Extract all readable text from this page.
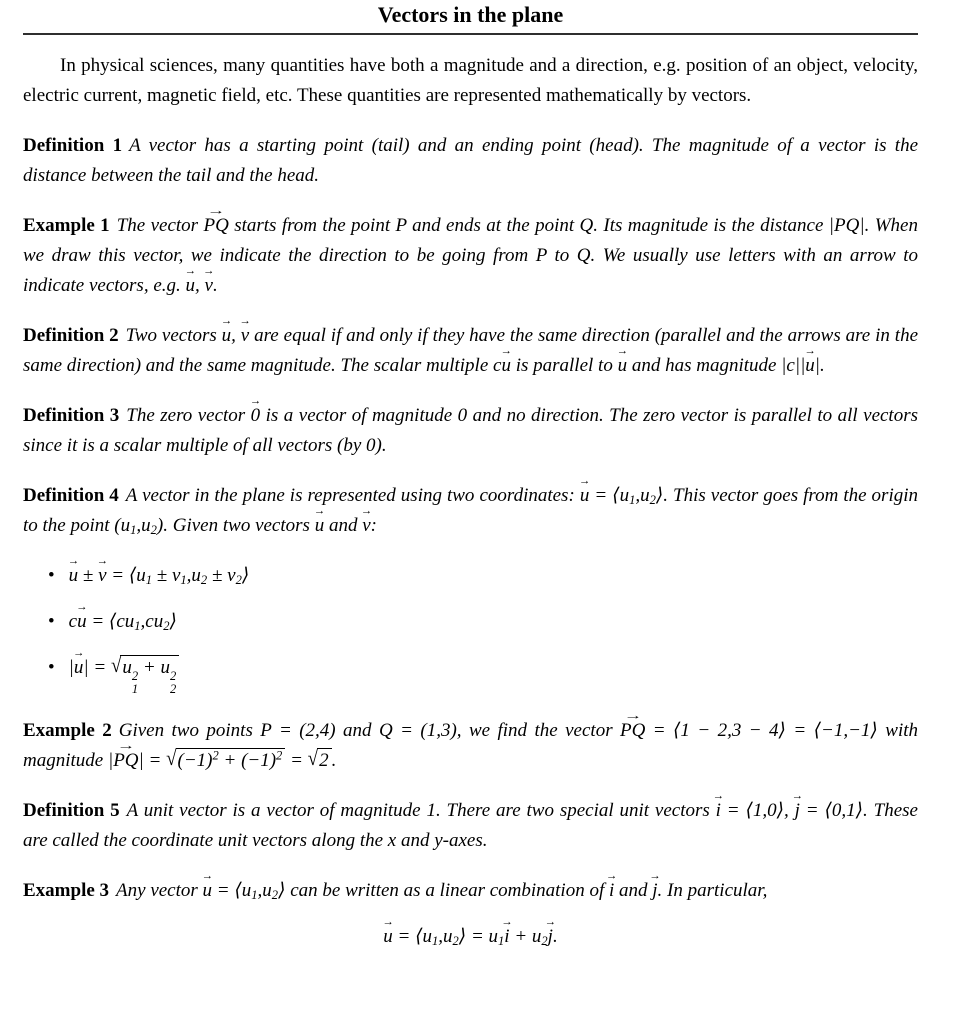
Vectors in the plane

In physical sciences, many quantities have both a magnitude and a direction, e.g. position of an object, velocity, electric current, magnetic field, etc. These quantities are represented mathematically by vectors.

Definition 1 A vector has a starting point (tail) and an ending point (head). The magnitude of a vector is the distance between the tail and the head.

Example 1 The vector
→
PQ starts from the point P and ends at the point Q. Its magnitude is the distance |PQ|. When we draw this vector, we indicate the direction to be going from P to Q. We usually use letters with an arrow to indicate vectors, e.g.
→
u,
→
v.

Definition 2 Two vectors
→
u,
→
v are equal if and only if they have the same direction (parallel and the arrows are in the same direction) and the same magnitude. The scalar multiple c
→
u is parallel to
→
u and has magnitude |c||
→
u|.

Definition 3 The zero vector
→
0 is a vector of magnitude 0 and no direction. The zero vector is parallel to all vectors since it is a scalar multiple of all vectors (by 0).

Definition 4 A vector in the plane is represented using two coordinates:
→
$u = ⟨u_1,u_2⟩$. This vector goes from the origin to the point $(u_1,u_2)$. Given two vectors
→
u and
→
v:

•
→
u ±
→
$v = ⟨u_1 \pm v_1,u_2$ ± $v_2⟩$
• c
→
$u = ⟨cu_1,cu_2⟩$
• |
→
u| = √u 2
1
+ u 2
2

Example 2 Given two points P = (2,4) and Q = (1,3), we find the vector
→
PQ = ⟨1 − 2,3 − 4⟩ = ⟨−1,−1⟩ with magnitude |
→
$PQ| = √(-1)^2 + (-1)^2 = √2$ .

Definition 5 A unit vector is a vector of magnitude 1. There are two special unit vectors
→
i = ⟨1,0⟩,
→
j = ⟨0,1⟩. These are called the coordinate unit vectors along the x and y-axes.

Example 3 Any vector
→
$u = ⟨u_1,u_2⟩$ can be written as a linear combination of
→
i and
→
j. In particular,

→
$u = ⟨u_1,u_2⟩ = u_1$
→
$i + u_2$
→
j.
